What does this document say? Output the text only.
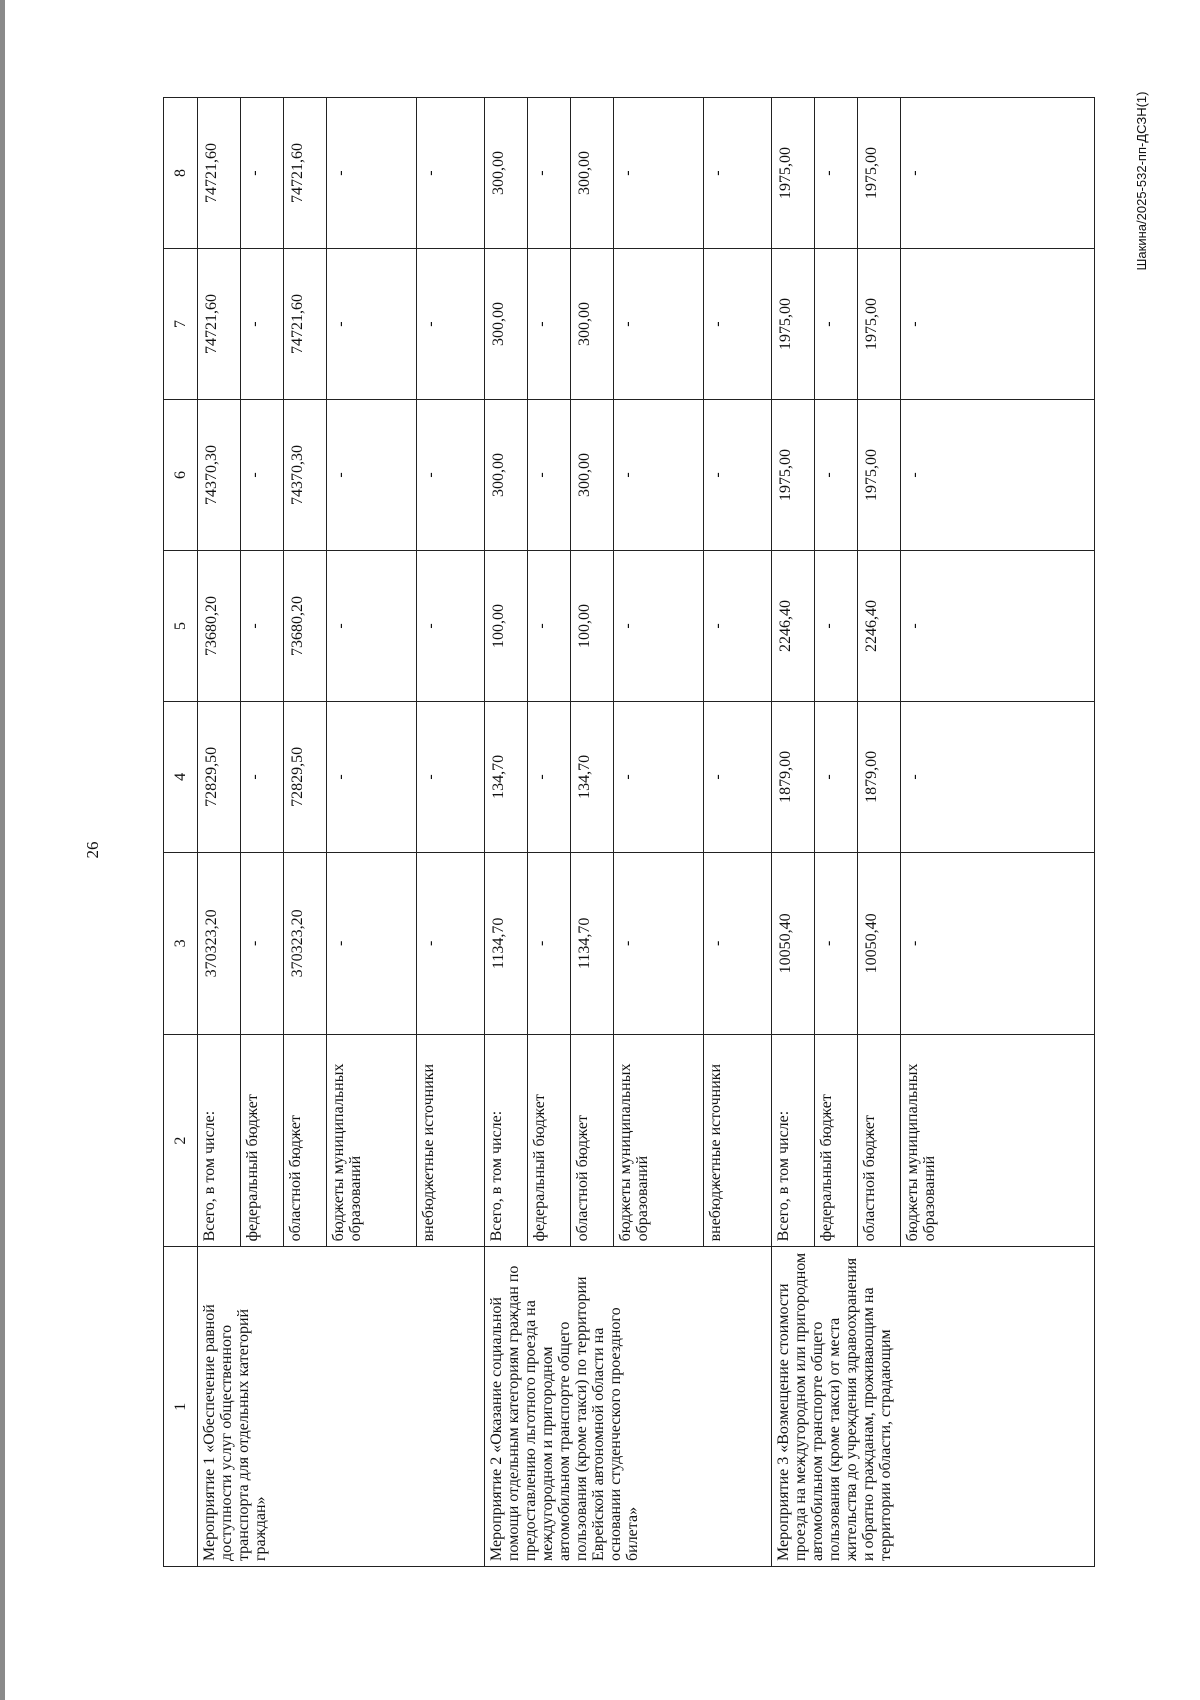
26
Шакина/2025-532-пп-ДСЗН(1)
1	2	3	4	5	6	7	8
Мероприятие 1 «Обеспечение равной доступности услуг общественного транспорта для отдельных категорий граждан»	Всего, в том числе:	370323,20	72829,50	73680,20	74370,30	74721,60	74721,60
	федеральный бюджет	-	-	-	-	-	-
	областной бюджет	370323,20	72829,50	73680,20	74370,30	74721,60	74721,60
	бюджеты муниципальных образований	-	-	-	-	-	-
	внебюджетные источники	-	-	-	-	-	-
Мероприятие 2 «Оказание социальной помощи отдельным категориям граждан по предоставлению льготного проезда на междугородном и пригородном автомобильном транспорте общего пользования (кроме такси) по территории Еврейской автономной области на основании студенческого проездного билета»	Всего, в том числе:	1134,70	134,70	100,00	300,00	300,00	300,00
	федеральный бюджет	-	-	-	-	-	-
	областной бюджет	1134,70	134,70	100,00	300,00	300,00	300,00
	бюджеты муниципальных образований	-	-	-	-	-	-
	внебюджетные источники	-	-	-	-	-	-
Мероприятие 3 «Возмещение стоимости проезда на междугородном или пригородном автомобильном транспорте общего пользования (кроме такси) от места жительства до учреждения здравоохранения и обратно гражданам, проживающим на территории области, страдающим	Всего, в том числе:	10050,40	1879,00	2246,40	1975,00	1975,00	1975,00
	федеральный бюджет	-	-	-	-	-	-
	областной бюджет	10050,40	1879,00	2246,40	1975,00	1975,00	1975,00
	бюджеты муниципальных образований	-	-	-	-	-	-
